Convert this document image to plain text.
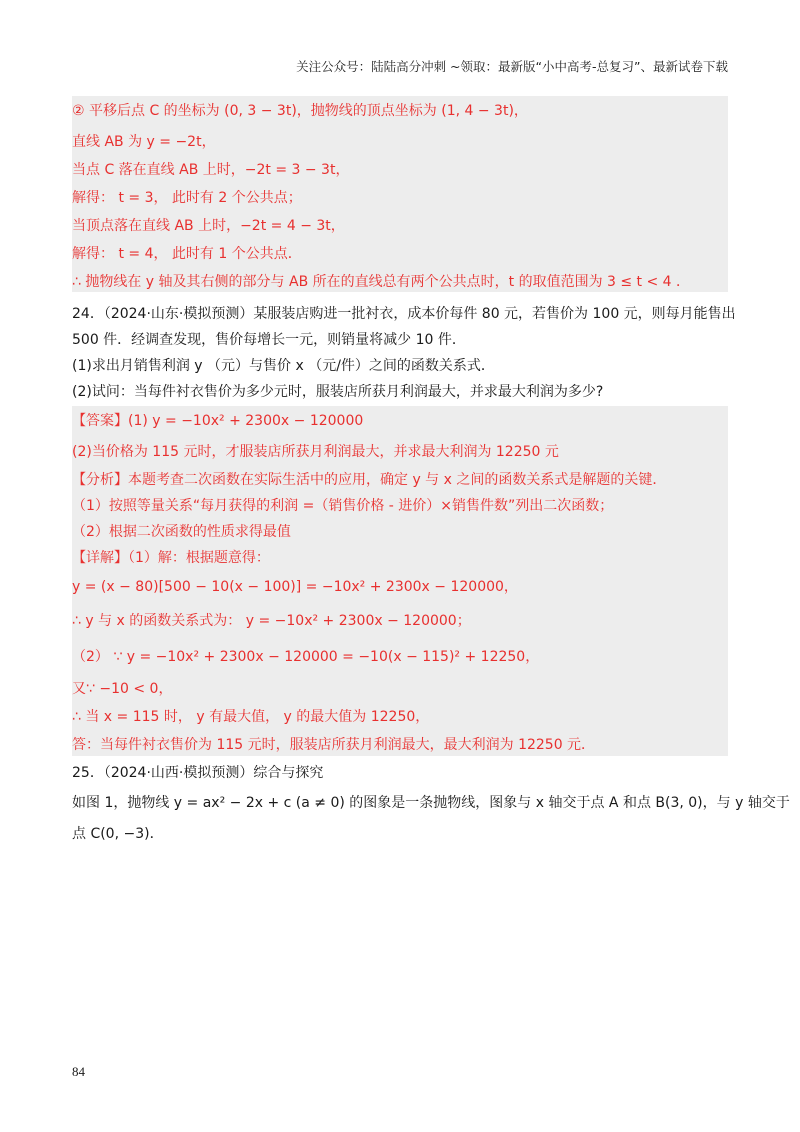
关注公众号：陆陆高分冲刺 ~领取：最新版“小中高考-总复习”、最新试卷下载
② 平移后点 C 的坐标为 (0, 3 − 3t)，抛物线的顶点坐标为 (1, 4 − 3t)，
直线 AB 为 y = −2t，
当点 C 落在直线 AB 上时，−2t = 3 − 3t，
解得： t = 3， 此时有 2 个公共点；
当顶点落在直线 AB 上时，−2t = 4 − 3t，
解得： t = 4， 此时有 1 个公共点．
∴ 抛物线在 y 轴及其右侧的部分与 AB 所在的直线总有两个公共点时，t 的取值范围为 3 ≤ t < 4 ．
24．（2024·山东·模拟预测）某服装店购进一批衬衣，成本价每件 80 元，若售价为 100 元，则每月能售出
500 件．经调查发现，售价每增长一元，则销量将减少 10 件．
(1)求出月销售利润 y （元）与售价 x （元/件）之间的函数关系式．
(2)试问：当每件衬衣售价为多少元时，服装店所获月利润最大，并求最大利润为多少?
【答案】(1) y = −10x² + 2300x − 120000
(2)当价格为 115 元时，才服装店所获月利润最大，并求最大利润为 12250 元
【分析】本题考查二次函数在实际生活中的应用，确定 y 与 x 之间的函数关系式是解题的关键．
（1）按照等量关系“每月获得的利润 =（销售价格 - 进价）×销售件数”列出二次函数；
（2）根据二次函数的性质求得最值
【详解】（1）解：根据题意得：
y = (x − 80)[500 − 10(x − 100)] = −10x² + 2300x − 120000，
∴ y 与 x 的函数关系式为： y = −10x² + 2300x − 120000；
（2） ∵ y = −10x² + 2300x − 120000 = −10(x − 115)² + 12250，
又∵ −10 < 0，
∴ 当 x = 115 时， y 有最大值， y 的最大值为 12250，
答：当每件衬衣售价为 115 元时，服装店所获月利润最大，最大利润为 12250 元．
25．（2024·山西·模拟预测）综合与探究
如图 1，抛物线 y = ax² − 2x + c (a ≠ 0) 的图象是一条抛物线，图象与 x 轴交于点 A 和点 B(3, 0)，与 y 轴交于
点 C(0, −3)．
84
